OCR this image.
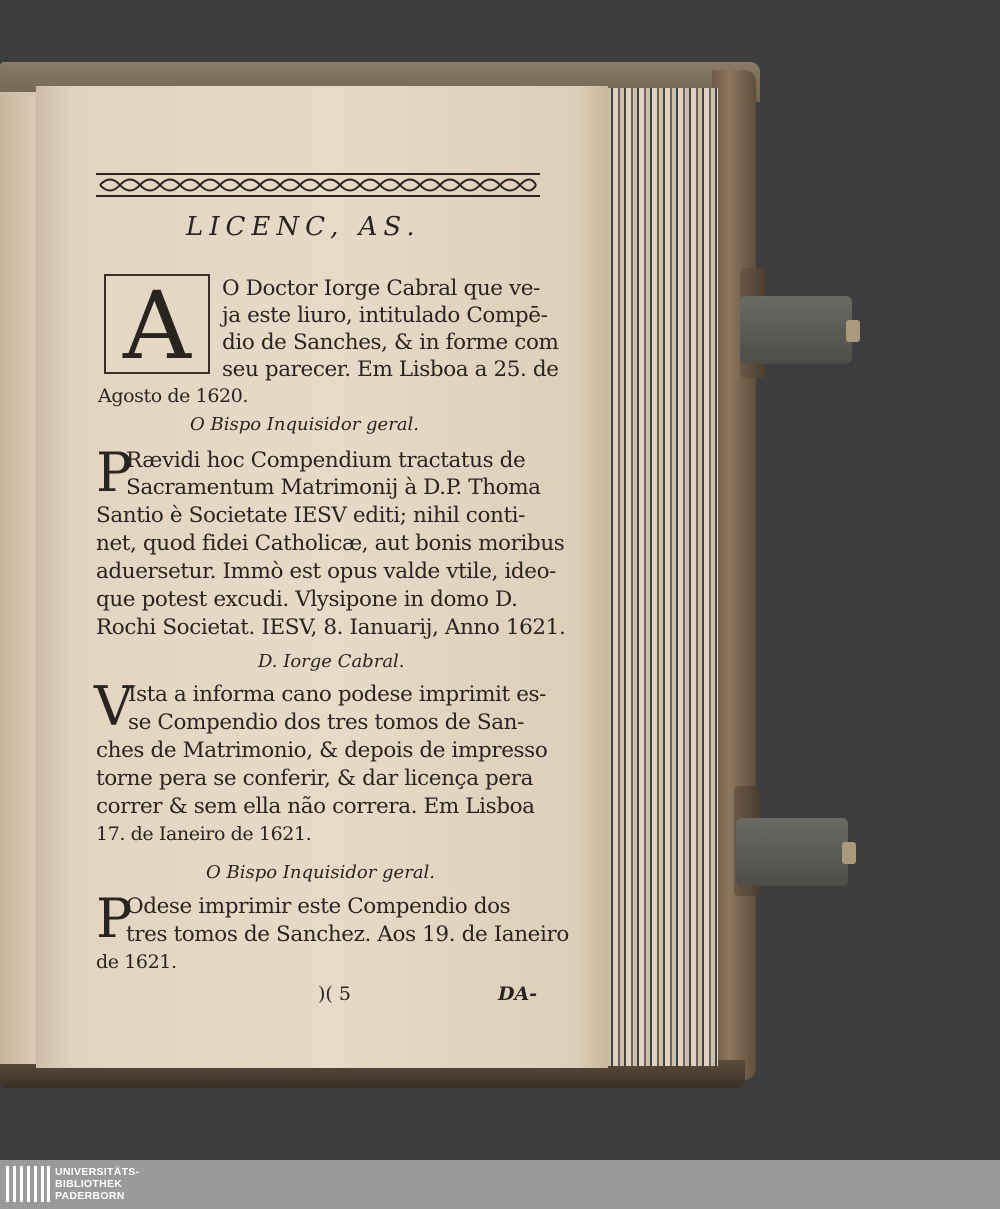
LICENC, AS.
A	O Doctor Iorge Cabral que ve-
ja este liuro, intitulado Compē-
dio de Sanches, & in forme com
seu parecer. Em Lisboa a 25. de
Agosto de 1620.
O Bispo Inquisidor geral.
P
Rævidi hoc Compendium tractatus de
Sacramentum Matrimonij à D.P. Thoma
Santio è Societate IESV editi; nihil conti-
net, quod fidei Catholicæ, aut bonis moribus
aduersetur. Immò est opus valde vtile, ideo-
que potest excudi. Vlysipone in domo D.
Rochi Societat. IESV, 8. Ianuarij, Anno 1621.
D. Iorge Cabral.
V
Ista a informa cano podese imprimit es-
se Compendio dos tres tomos de San-
ches de Matrimonio, & depois de impresso
torne pera se conferir, & dar licença pera
correr & sem ella não correra. Em Lisboa
17. de Ianeiro de 1621.
O Bispo Inquisidor geral.
P
Odese imprimir este Compendio dos
tres tomos de Sanchez. Aos 19. de Ianeiro
de 1621.
)( 5	DA-
UNIVERSITÄTS-
BIBLIOTHEK
PADERBORN
